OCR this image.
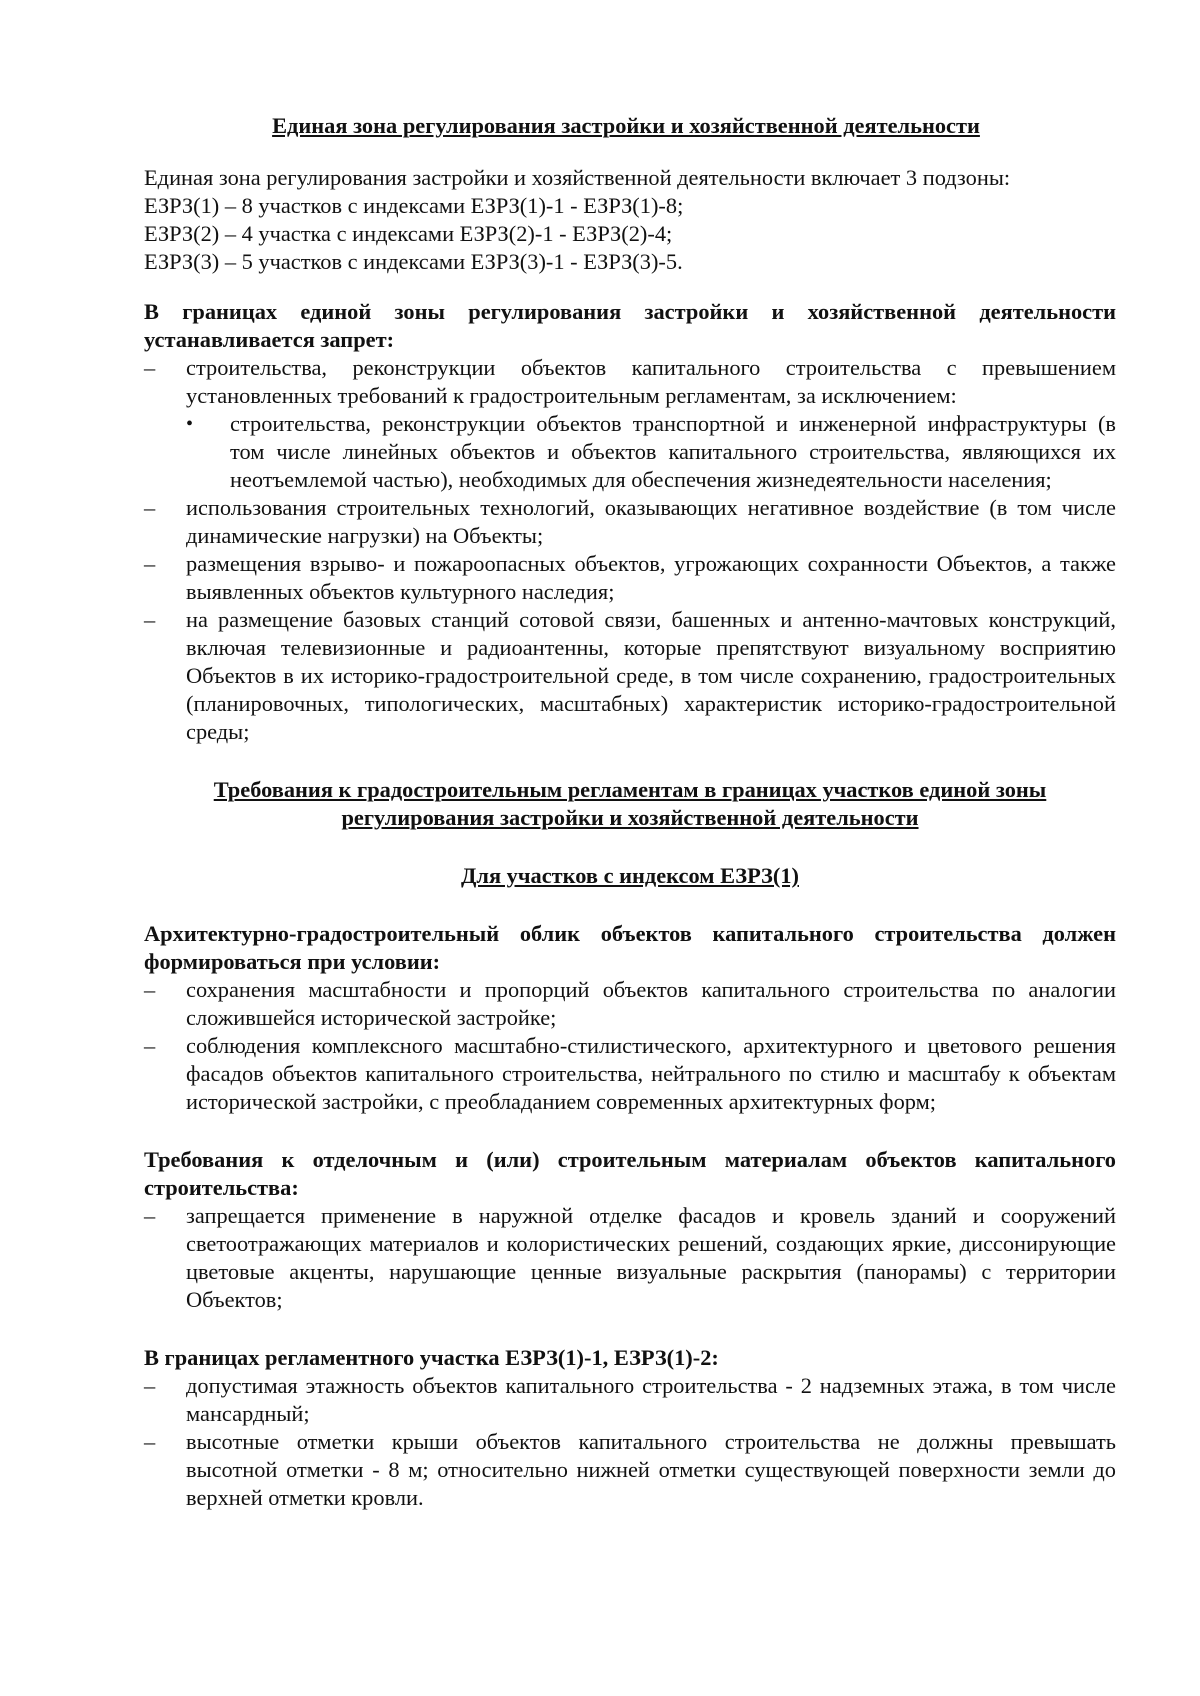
Единая зона регулирования застройки и хозяйственной деятельности

Единая зона регулирования застройки и хозяйственной деятельности включает 3 подзоны:

ЕЗРЗ(1) – 8 участков с индексами ЕЗРЗ(1)-1 - ЕЗРЗ(1)-8;

ЕЗРЗ(2) – 4 участка с индексами ЕЗРЗ(2)-1 - ЕЗРЗ(2)-4;

ЕЗРЗ(3) – 5 участков с индексами ЕЗРЗ(3)-1 - ЕЗРЗ(3)-5.

В границах единой зоны регулирования застройки и хозяйственной деятельности устанавливается запрет:

– строительства, реконструкции объектов капитального строительства с превышением установленных требований к градостроительным регламентам, за исключением:
• строительства, реконструкции объектов транспортной и инженерной инфраструктуры (в том числе линейных объектов и объектов капитального строительства, являющихся их неотъемлемой частью), необходимых для обеспечения жизнедеятельности населения;
– использования строительных технологий, оказывающих негативное воздействие (в том числе динамические нагрузки) на Объекты;
– размещения взрыво- и пожароопасных объектов, угрожающих сохранности Объектов, а также выявленных объектов культурного наследия;
– на размещение базовых станций сотовой связи, башенных и антенно-мачтовых конструкций, включая телевизионные и радиоантенны, которые препятствуют визуальному восприятию Объектов в их историко-градостроительной среде, в том числе сохранению, градостроительных (планировочных, типологических, масштабных) характеристик историко-градостроительной среды;

Требования к градостроительным регламентам в границах участков единой зоны

регулирования застройки и хозяйственной деятельности

Для участков с индексом ЕЗРЗ(1)

Архитектурно-градостроительный облик объектов капитального строительства должен формироваться при условии:

– сохранения масштабности и пропорций объектов капитального строительства по аналогии сложившейся исторической застройке;
– соблюдения комплексного масштабно-стилистического, архитектурного и цветового решения фасадов объектов капитального строительства, нейтрального по стилю и масштабу к объектам исторической застройки, с преобладанием современных архитектурных форм;

Требования к отделочным и (или) строительным материалам объектов капитального строительства:

– запрещается применение в наружной отделке фасадов и кровель зданий и сооружений светоотражающих материалов и колористических решений, создающих яркие, диссонирующие цветовые акценты, нарушающие ценные визуальные раскрытия (панорамы) с территории Объектов;

В границах регламентного участка ЕЗРЗ(1)-1, ЕЗРЗ(1)-2:

– допустимая этажность объектов капитального строительства - 2 надземных этажа, в том числе мансардный;
– высотные отметки крыши объектов капитального строительства не должны превышать высотной отметки - 8 м; относительно нижней отметки существующей поверхности земли до верхней отметки кровли.
